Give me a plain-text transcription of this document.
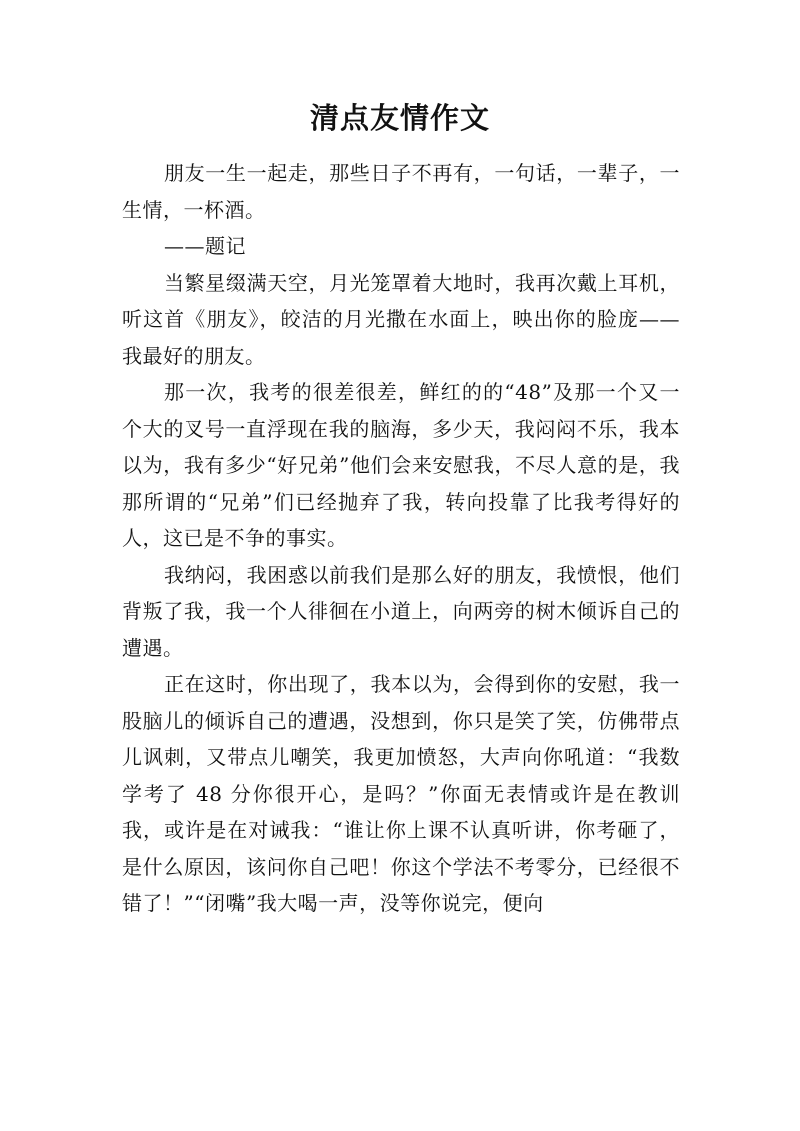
清点友情作文

朋友一生一起走，那些日子不再有，一句话，一辈子，一生情，一杯酒。

——题记

当繁星缀满天空，月光笼罩着大地时，我再次戴上耳机，听这首《朋友》，皎洁的月光撒在水面上，映出你的脸庞——我最好的朋友。

那一次，我考的很差很差，鲜红的的“48”及那一个又一个大的叉号一直浮现在我的脑海，多少天，我闷闷不乐，我本以为，我有多少“好兄弟”他们会来安慰我，不尽人意的是，我那所谓的“兄弟”们已经抛弃了我，转向投靠了比我考得好的人，这已是不争的事实。

我纳闷，我困惑以前我们是那么好的朋友，我愤恨，他们背叛了我，我一个人徘徊在小道上，向两旁的树木倾诉自己的遭遇。

正在这时，你出现了，我本以为，会得到你的安慰，我一股脑儿的倾诉自己的遭遇，没想到，你只是笑了笑，仿佛带点儿讽刺，又带点儿嘲笑，我更加愤怒，大声向你吼道：“我数学考了 48 分你很开心，是吗？”你面无表情或许是在教训我，或许是在对诫我：“谁让你上课不认真听讲，你考砸了，是什么原因，该问你自己吧！你这个学法不考零分，已经很不错了！”“闭嘴”我大喝一声，没等你说完，便向
